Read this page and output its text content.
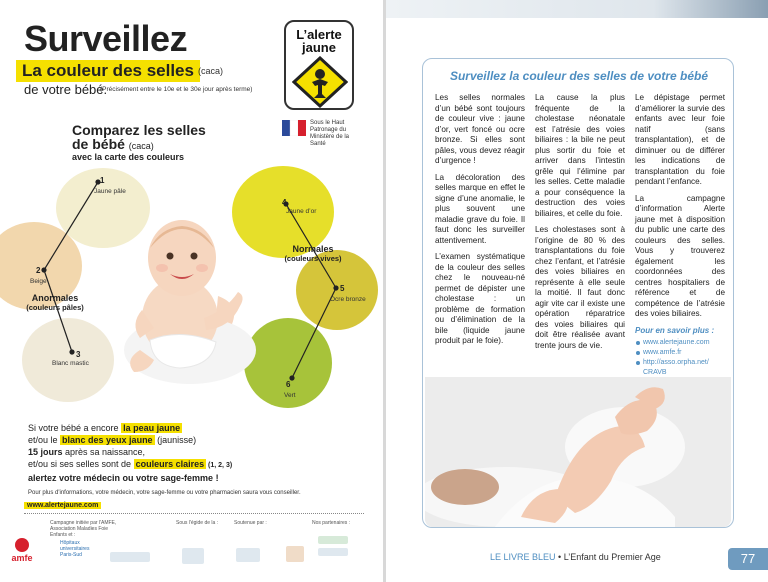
Surveillez
La couleur des selles (caca)
de votre bébé.
(Précisément entre le 10e et le 30e jour après terme)
L’alerte
jaune
Sous le Haut Patronage du Ministère de la Santé
Comparez les selles
de bébé (caca)
avec la carte des couleurs
1
Jaune pâle
2
Beige
3
Blanc mastic
4
Jaune d’or
5
Ocre bronze
6
Vert
Normales
(couleurs vives)
Anormales
(couleurs pâles)
Si votre bébé a encore la peau jaune
et/ou le blanc des yeux jaune (jaunisse)
15 jours après sa naissance,
et/ou si ses selles sont de couleurs claires (1, 2, 3)
alertez votre médecin ou votre sage-femme !
Pour plus d'informations, votre médecin, votre sage-femme ou votre pharmacien saura vous conseiller.
www.alertejaune.com
Campagne initiée par l'AMFE, Association Maladies Foie Enfants et :
Sous l'égide de la :	Soutenue par :	Nos partenaires :
amfe
Hôpitaux universitaires Paris-Sud
Surveillez la couleur des selles de votre bébé

Les selles normales d’un bébé sont toujours de couleur vive : jaune d’or, vert foncé ou ocre bronze. Si elles sont pâles, vous devez réagir d’urgence !

La décoloration des selles marque en effet le signe d’une anomalie, le plus souvent une maladie grave du foie. Il faut donc les surveiller attentivement.

L’examen systématique de la couleur des selles chez le nouveau-né permet de dépister une cholestase : un problème de formation ou d’élimination de la bile (liquide jaune produit par le foie).

La cause la plus fréquente de la cholestase néonatale est l’atrésie des voies biliaires : la bile ne peut plus sortir du foie et arriver dans l’intestin grêle qui l’élimine par les selles. Cette maladie a pour conséquence la destruction des voies biliaires, et celle du foie.

Les cholestases sont à l’origine de 80 % des transplantations du foie chez l’enfant, et l’atrésie des voies biliaires en représente à elle seule la moitié. Il faut donc agir vite car il existe une opération réparatrice des voies biliaires qui doit être réalisée avant trente jours de vie.

Le dépistage permet d’améliorer la survie des enfants avec leur foie natif (sans transplantation), et de diminuer ou de différer les indications de transplantation du foie pendant l’enfance.

La campagne d’information Alerte jaune met à disposition du public une carte des couleurs des selles. Vous y trouverez également les coordonnées des centres hospitaliers de référence et de compétence de l’atrésie des voies biliaires.

Pour en savoir plus :
www.alertejaune.com
www.amfe.fr
http://asso.orpha.net/ CRAVB
LE LIVRE BLEU • L’Enfant du Premier Age	77
